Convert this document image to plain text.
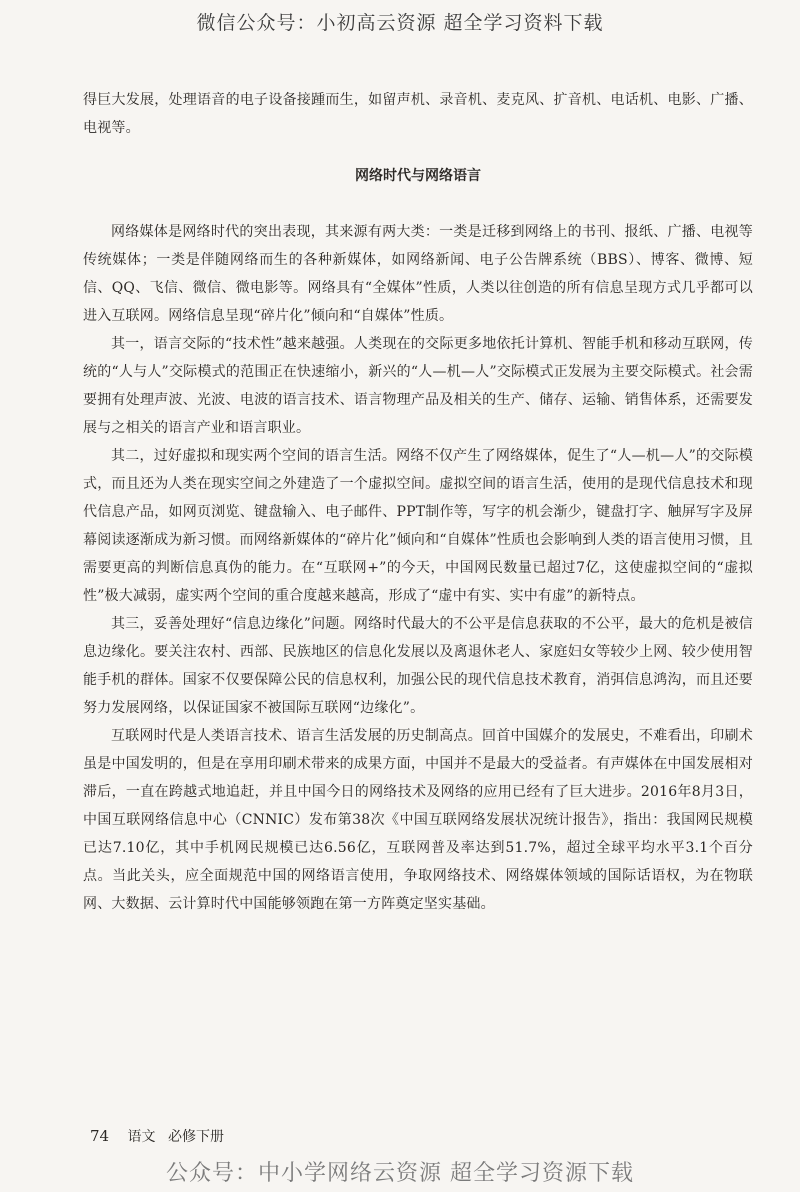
微信公众号：小初高云资源 超全学习资料下载

得巨大发展，处理语音的电子设备接踵而生，如留声机、录音机、麦克风、扩音机、电话机、电影、广播、电视等。

网络时代与网络语言

网络媒体是网络时代的突出表现，其来源有两大类：一类是迁移到网络上的书刊、报纸、广播、电视等传统媒体；一类是伴随网络而生的各种新媒体，如网络新闻、电子公告牌系统（BBS）、博客、微博、短信、QQ、飞信、微信、微电影等。网络具有“全媒体”性质，人类以往创造的所有信息呈现方式几乎都可以进入互联网。网络信息呈现“碎片化”倾向和“自媒体”性质。

其一，语言交际的“技术性”越来越强。人类现在的交际更多地依托计算机、智能手机和移动互联网，传统的“人与人”交际模式的范围正在快速缩小，新兴的“人—机—人”交际模式正发展为主要交际模式。社会需要拥有处理声波、光波、电波的语言技术、语言物理产品及相关的生产、储存、运输、销售体系，还需要发展与之相关的语言产业和语言职业。

其二，过好虚拟和现实两个空间的语言生活。网络不仅产生了网络媒体，促生了“人—机—人”的交际模式，而且还为人类在现实空间之外建造了一个虚拟空间。虚拟空间的语言生活，使用的是现代信息技术和现代信息产品，如网页浏览、键盘输入、电子邮件、PPT制作等，写字的机会渐少，键盘打字、触屏写字及屏幕阅读逐渐成为新习惯。而网络新媒体的“碎片化”倾向和“自媒体”性质也会影响到人类的语言使用习惯，且需要更高的判断信息真伪的能力。在“互联网+”的今天，中国网民数量已超过7亿，这使虚拟空间的“虚拟性”极大减弱，虚实两个空间的重合度越来越高，形成了“虚中有实、实中有虚”的新特点。

其三，妥善处理好“信息边缘化”问题。网络时代最大的不公平是信息获取的不公平，最大的危机是被信息边缘化。要关注农村、西部、民族地区的信息化发展以及离退休老人、家庭妇女等较少上网、较少使用智能手机的群体。国家不仅要保障公民的信息权利，加强公民的现代信息技术教育，消弭信息鸿沟，而且还要努力发展网络，以保证国家不被国际互联网“边缘化”。

互联网时代是人类语言技术、语言生活发展的历史制高点。回首中国媒介的发展史，不难看出，印刷术虽是中国发明的，但是在享用印刷术带来的成果方面，中国并不是最大的受益者。有声媒体在中国发展相对滞后，一直在跨越式地追赶，并且中国今日的网络技术及网络的应用已经有了巨大进步。2016年8月3日，中国互联网络信息中心（CNNIC）发布第38次《中国互联网络发展状况统计报告》，指出：我国网民规模已达7.10亿，其中手机网民规模已达6.56亿，互联网普及率达到51.7%，超过全球平均水平3.1个百分点。当此关头，应全面规范中国的网络语言使用，争取网络技术、网络媒体领域的国际话语权，为在物联网、大数据、云计算时代中国能够领跑在第一方阵奠定坚实基础。

74 语文 必修下册
公众号：中小学网络云资源 超全学习资源下载
